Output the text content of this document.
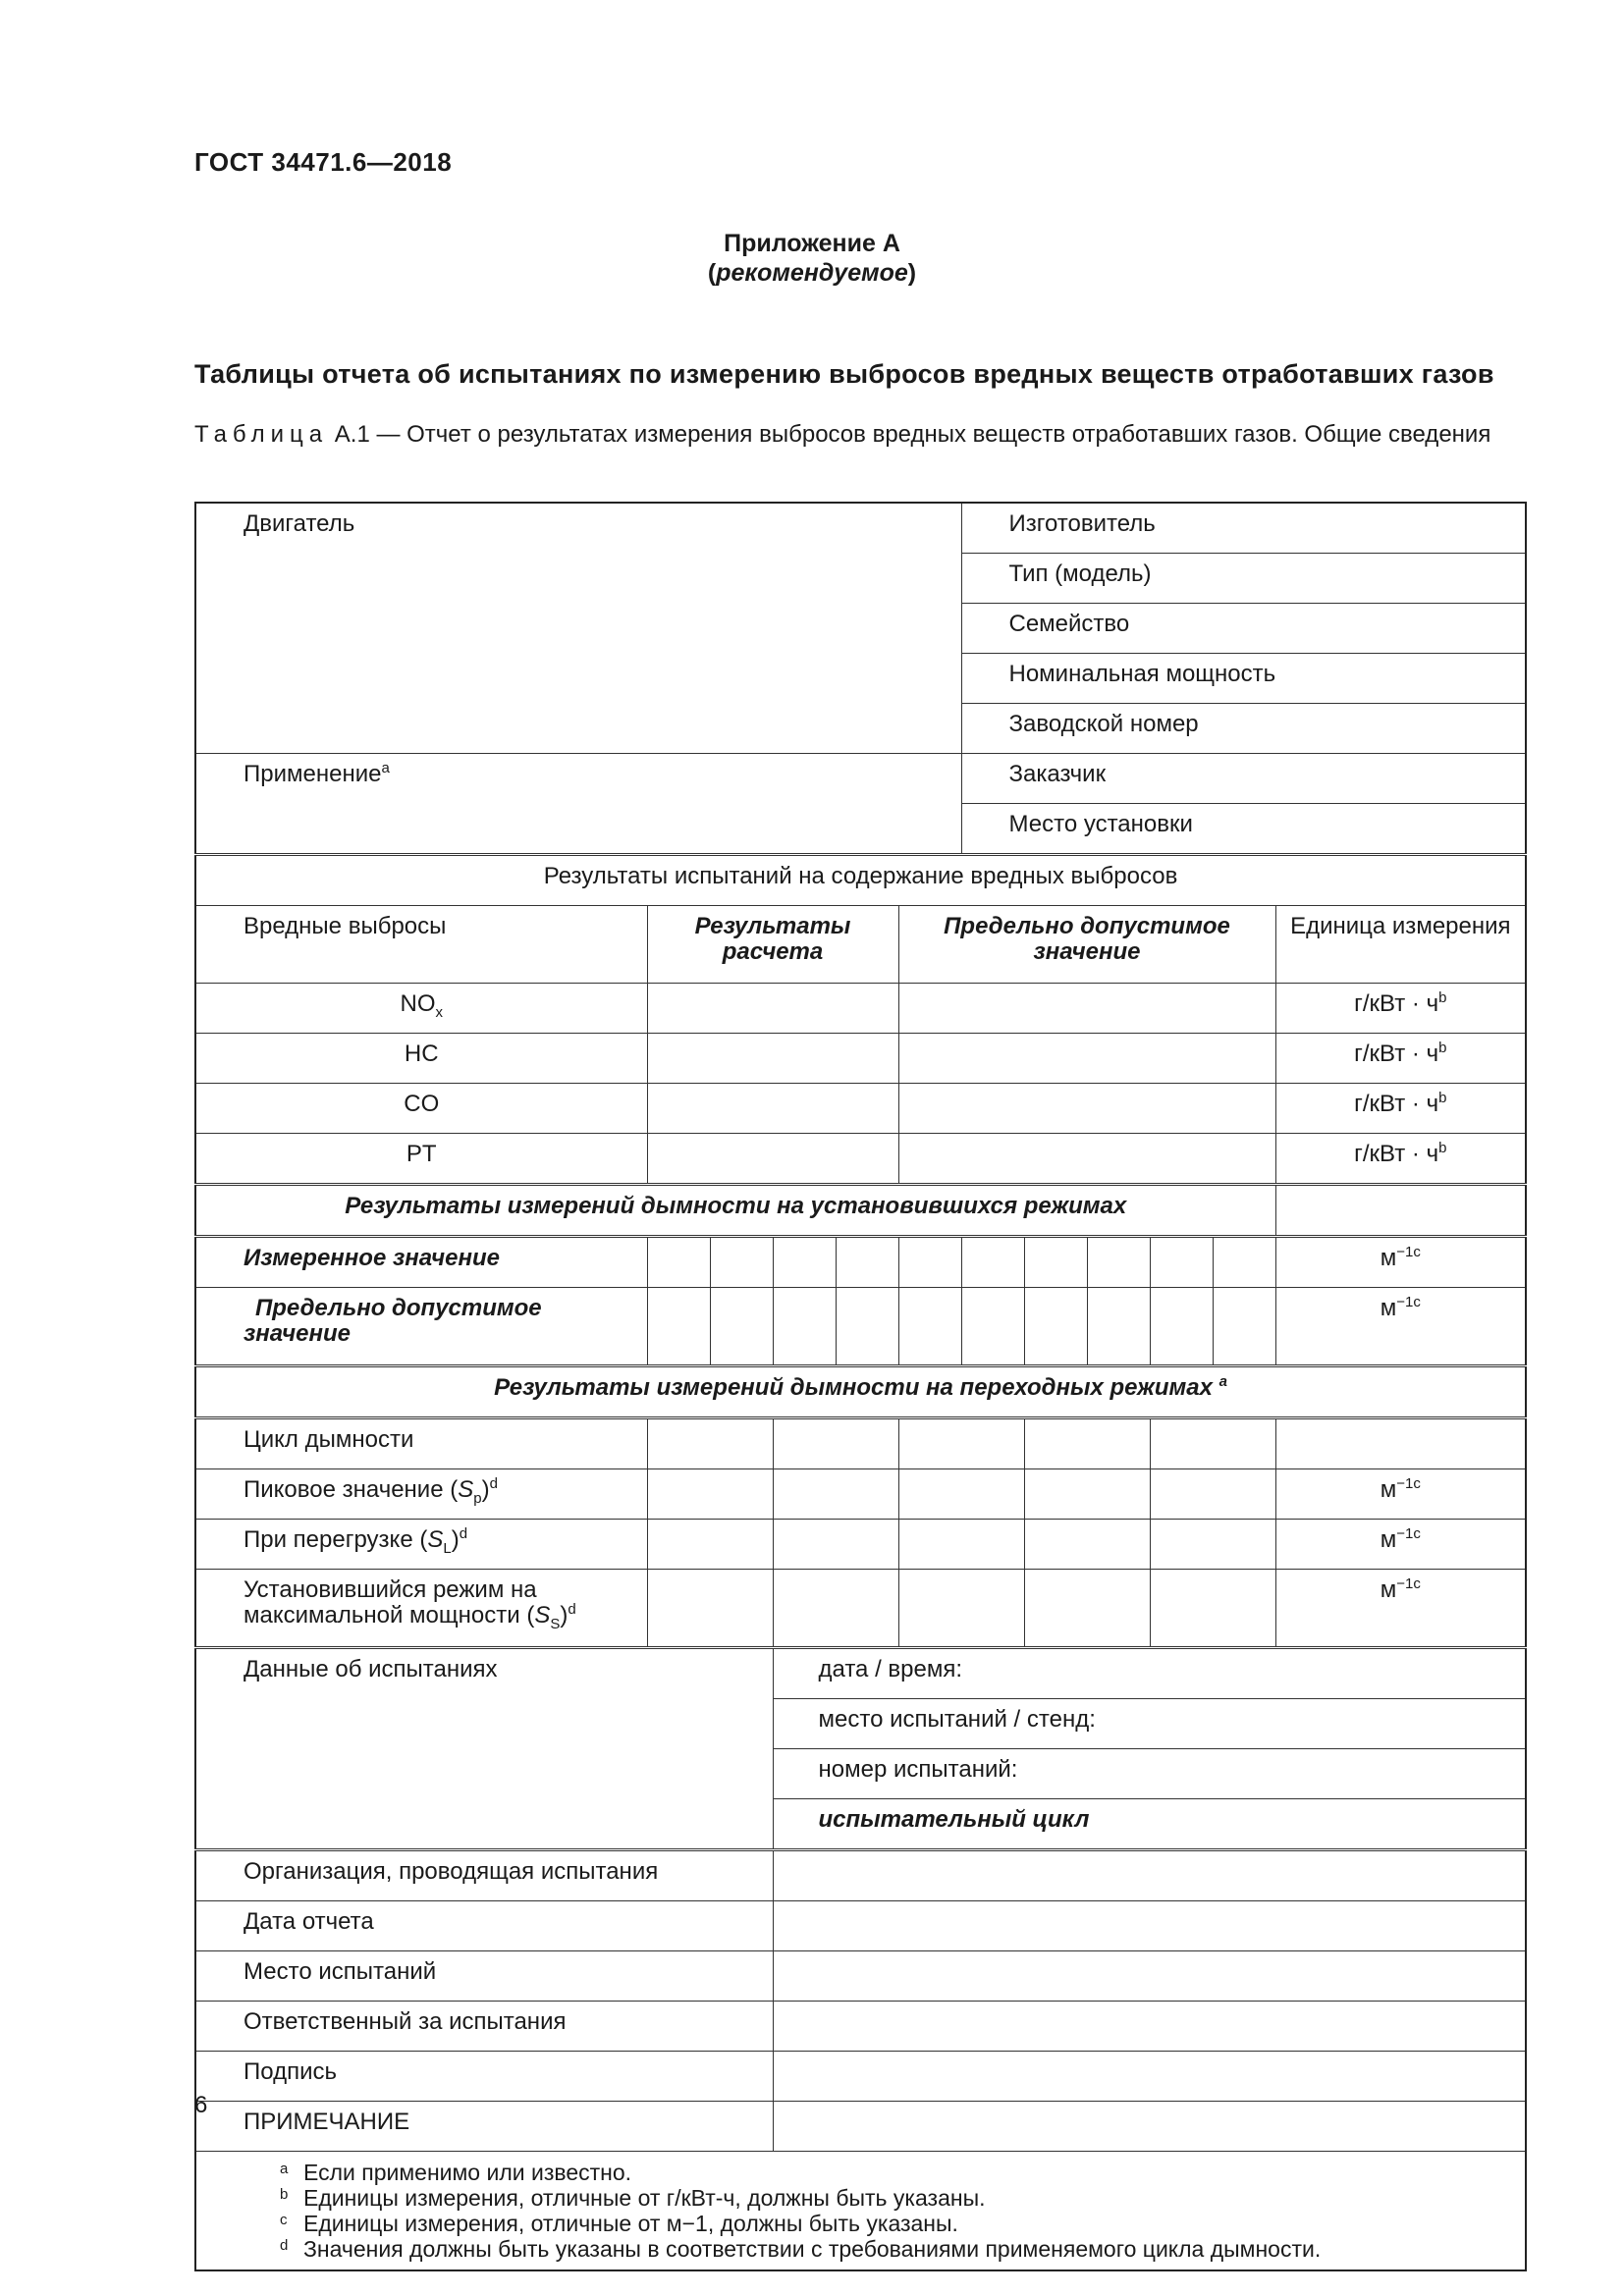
ГОСТ 34471.6—2018
Приложение А
(рекомендуемое)
Таблицы отчета об испытаниях по измерению выбросов вредных веществ отработавших газов
Таблица А.1 — Отчет о результатах измерения выбросов вредных веществ отработавших газов. Общие сведения
Двигатель						Изготовитель					
						Тип (модель)					
						Семейство					
						Номинальная мощность					
						Заводской номер					
Применение$^a$						Заказчик					
						Место установки					
Результаты испытаний на содержание вредных выбросов											
Вредные выбросы	Результаты расчета				Предельно допустимое значение						Единица измерения
$NO_x$											$г/кВт \cdot ч^b$
HC											$г/кВт \cdot ч^b$
CO											$г/кВт \cdot ч^b$
PT											$г/кВт \cdot ч^b$
Результаты измерений дымности на установившихся режимах											
Измеренное значение											$м^{-1c}$
Предельно допустимое значение											$м^{-1c}$
Результаты измерений дымности на переходных режимах $^a$
Цикл дымности											
Пиковое значение $(S_p)^d$											$м^{-1c}$
При перегрузке $(S_L)^d$											$м^{-1c}$
Установившийся режим на максимальной мощности $(S_S)^d$											$м^{-1c}$
Данные об испытаниях			дата / время:								
			место испытаний / стенд:								
			номер испытаний:								
			испытательный цикл								
Организация, проводящая испытания											
Дата отчета											
Место испытаний											
Ответственный за испытания											
Подпись											
ПРИМЕЧАНИЕ											

a Если применимо или известно.
b Единицы измерения, отличные от г/кВт-ч, должны быть указаны.
c Единицы измерения, отличные от м−1, должны быть указаны.
d Значения должны быть указаны в соответствии с требованиями применяемого цикла дымности.											
6
